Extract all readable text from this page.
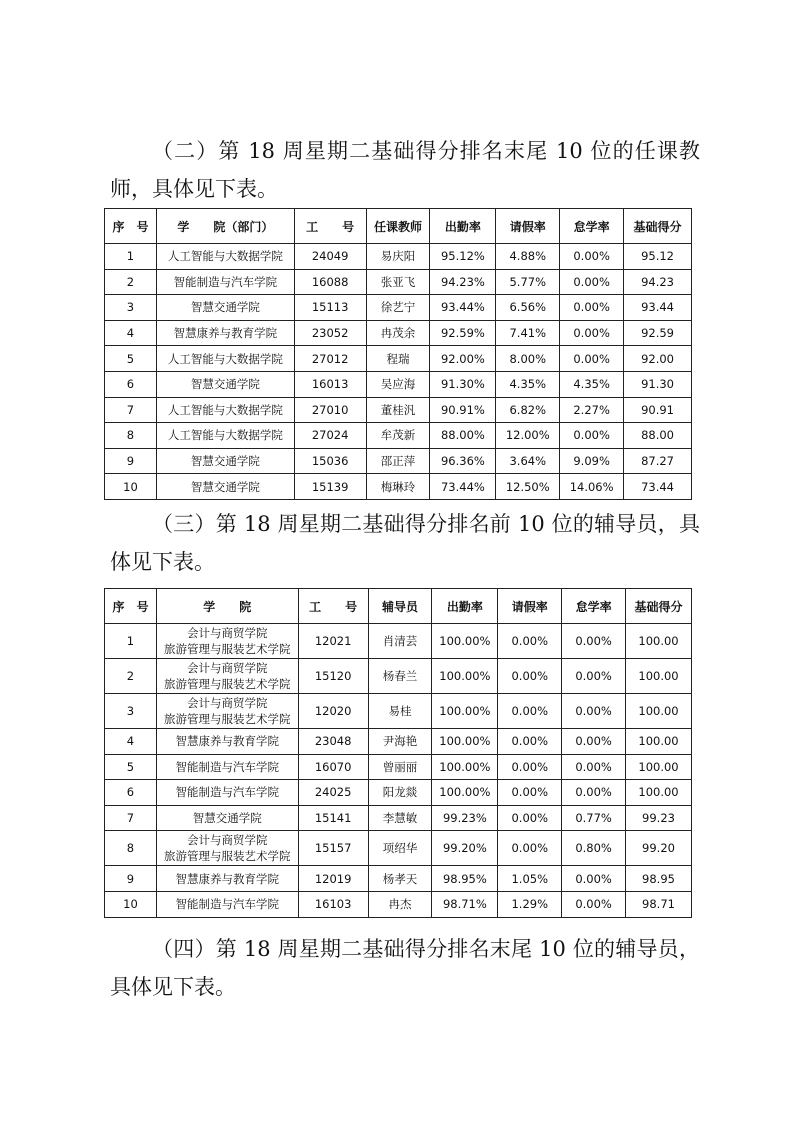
（二）第 18 周星期二基础得分排名末尾 10 位的任课教师，具体见下表。

序　号	学　　院（部门）	工　　号	任课教师	出勤率	请假率	怠学率	基础得分
1	人工智能与大数据学院	24049	易庆阳	95.12%	4.88%	0.00%	95.12
2	智能制造与汽车学院	16088	张亚飞	94.23%	5.77%	0.00%	94.23
3	智慧交通学院	15113	徐艺宁	93.44%	6.56%	0.00%	93.44
4	智慧康养与教育学院	23052	冉茂余	92.59%	7.41%	0.00%	92.59
5	人工智能与大数据学院	27012	程瑞	92.00%	8.00%	0.00%	92.00
6	智慧交通学院	16013	吴应海	91.30%	4.35%	4.35%	91.30
7	人工智能与大数据学院	27010	董桂汎	90.91%	6.82%	2.27%	90.91
8	人工智能与大数据学院	27024	牟茂新	88.00%	12.00%	0.00%	88.00
9	智慧交通学院	15036	邵正萍	96.36%	3.64%	9.09%	87.27
10	智慧交通学院	15139	梅琳玲	73.44%	12.50%	14.06%	73.44

（三）第 18 周星期二基础得分排名前 10 位的辅导员，具体见下表。

序　号	学　　院	工　　号	辅导员	出勤率	请假率	怠学率	基础得分
1	会计与商贸学院
旅游管理与服装艺术学院	12021	肖清芸	100.00%	0.00%	0.00%	100.00
2	会计与商贸学院
旅游管理与服装艺术学院	15120	杨春兰	100.00%	0.00%	0.00%	100.00
3	会计与商贸学院
旅游管理与服装艺术学院	12020	易桂	100.00%	0.00%	0.00%	100.00
4	智慧康养与教育学院	23048	尹海艳	100.00%	0.00%	0.00%	100.00
5	智能制造与汽车学院	16070	曾丽丽	100.00%	0.00%	0.00%	100.00
6	智能制造与汽车学院	24025	阳龙燚	100.00%	0.00%	0.00%	100.00
7	智慧交通学院	15141	李慧敏	99.23%	0.00%	0.77%	99.23
8	会计与商贸学院
旅游管理与服装艺术学院	15157	项绍华	99.20%	0.00%	0.80%	99.20
9	智慧康养与教育学院	12019	杨孝天	98.95%	1.05%	0.00%	98.95
10	智能制造与汽车学院	16103	冉杰	98.71%	1.29%	0.00%	98.71

（四）第 18 周星期二基础得分排名末尾 10 位的辅导员，具体见下表。
